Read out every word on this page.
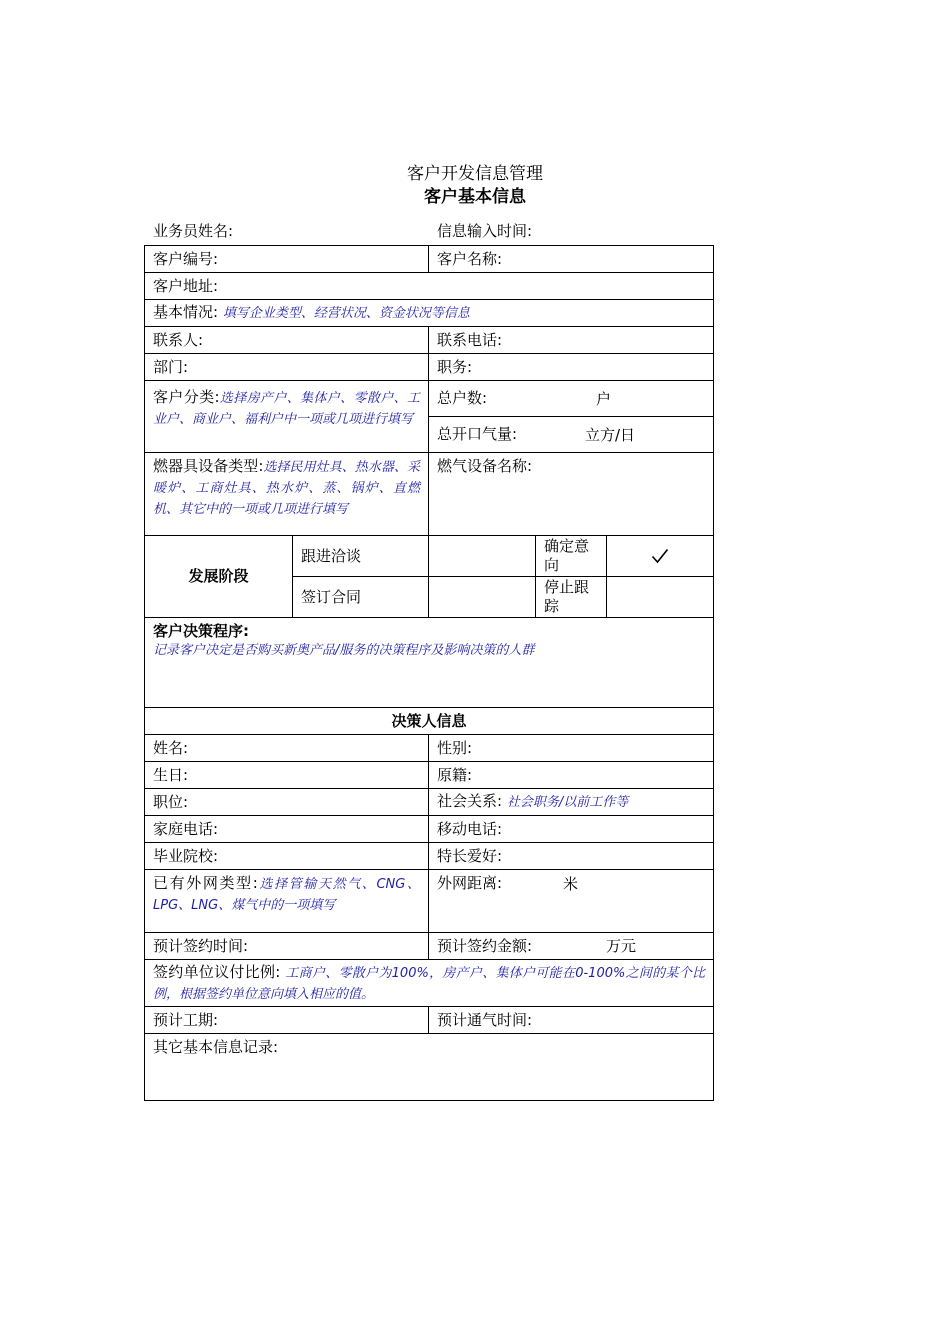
客户开发信息管理
客户基本信息
业务员姓名:	信息输入时间:
客户编号:		客户名称:		
客户地址:				
基本情况: 填写企业类型、经营状况、资金状况等信息				
联系人:		联系电话:		
部门:		职务:		
客户分类:选择房产户、集体户、零散户、工业户、商业户、福利户中一项或几项进行填写		总户数: 户		

		总开口气量: 立方/日		

燃器具设备类型:选择民用灶具、热水器、采暖炉、工商灶具、热水炉、蒸、锅炉、直燃机、其它中的一项或几项进行填写		燃气设备名称:		
发展阶段	跟进洽谈		确定意向	
	签订合同		停止跟踪	

客户决策程序:
记录客户决定是否购买新奥产品/服务的决策程序及影响决策的人群				

决策人信息				
姓名:		性别:		
生日:		原籍:		
职位:		社会关系: 社会职务/以前工作等		
家庭电话:		移动电话:		
毕业院校:		特长爱好:		
已有外网类型:选择管输天然气、CNG、LPG、LNG、煤气中的一项填写		外网距离: 米		

预计签约时间:		预计签约金额: 万元		

签约单位议付比例: 工商户、零散户为100%，房产户、集体户可能在0-100%之间的某个比例，根据签约单位意向填入相应的值。				
预计工期:		预计通气时间:		
其它基本信息记录:				
